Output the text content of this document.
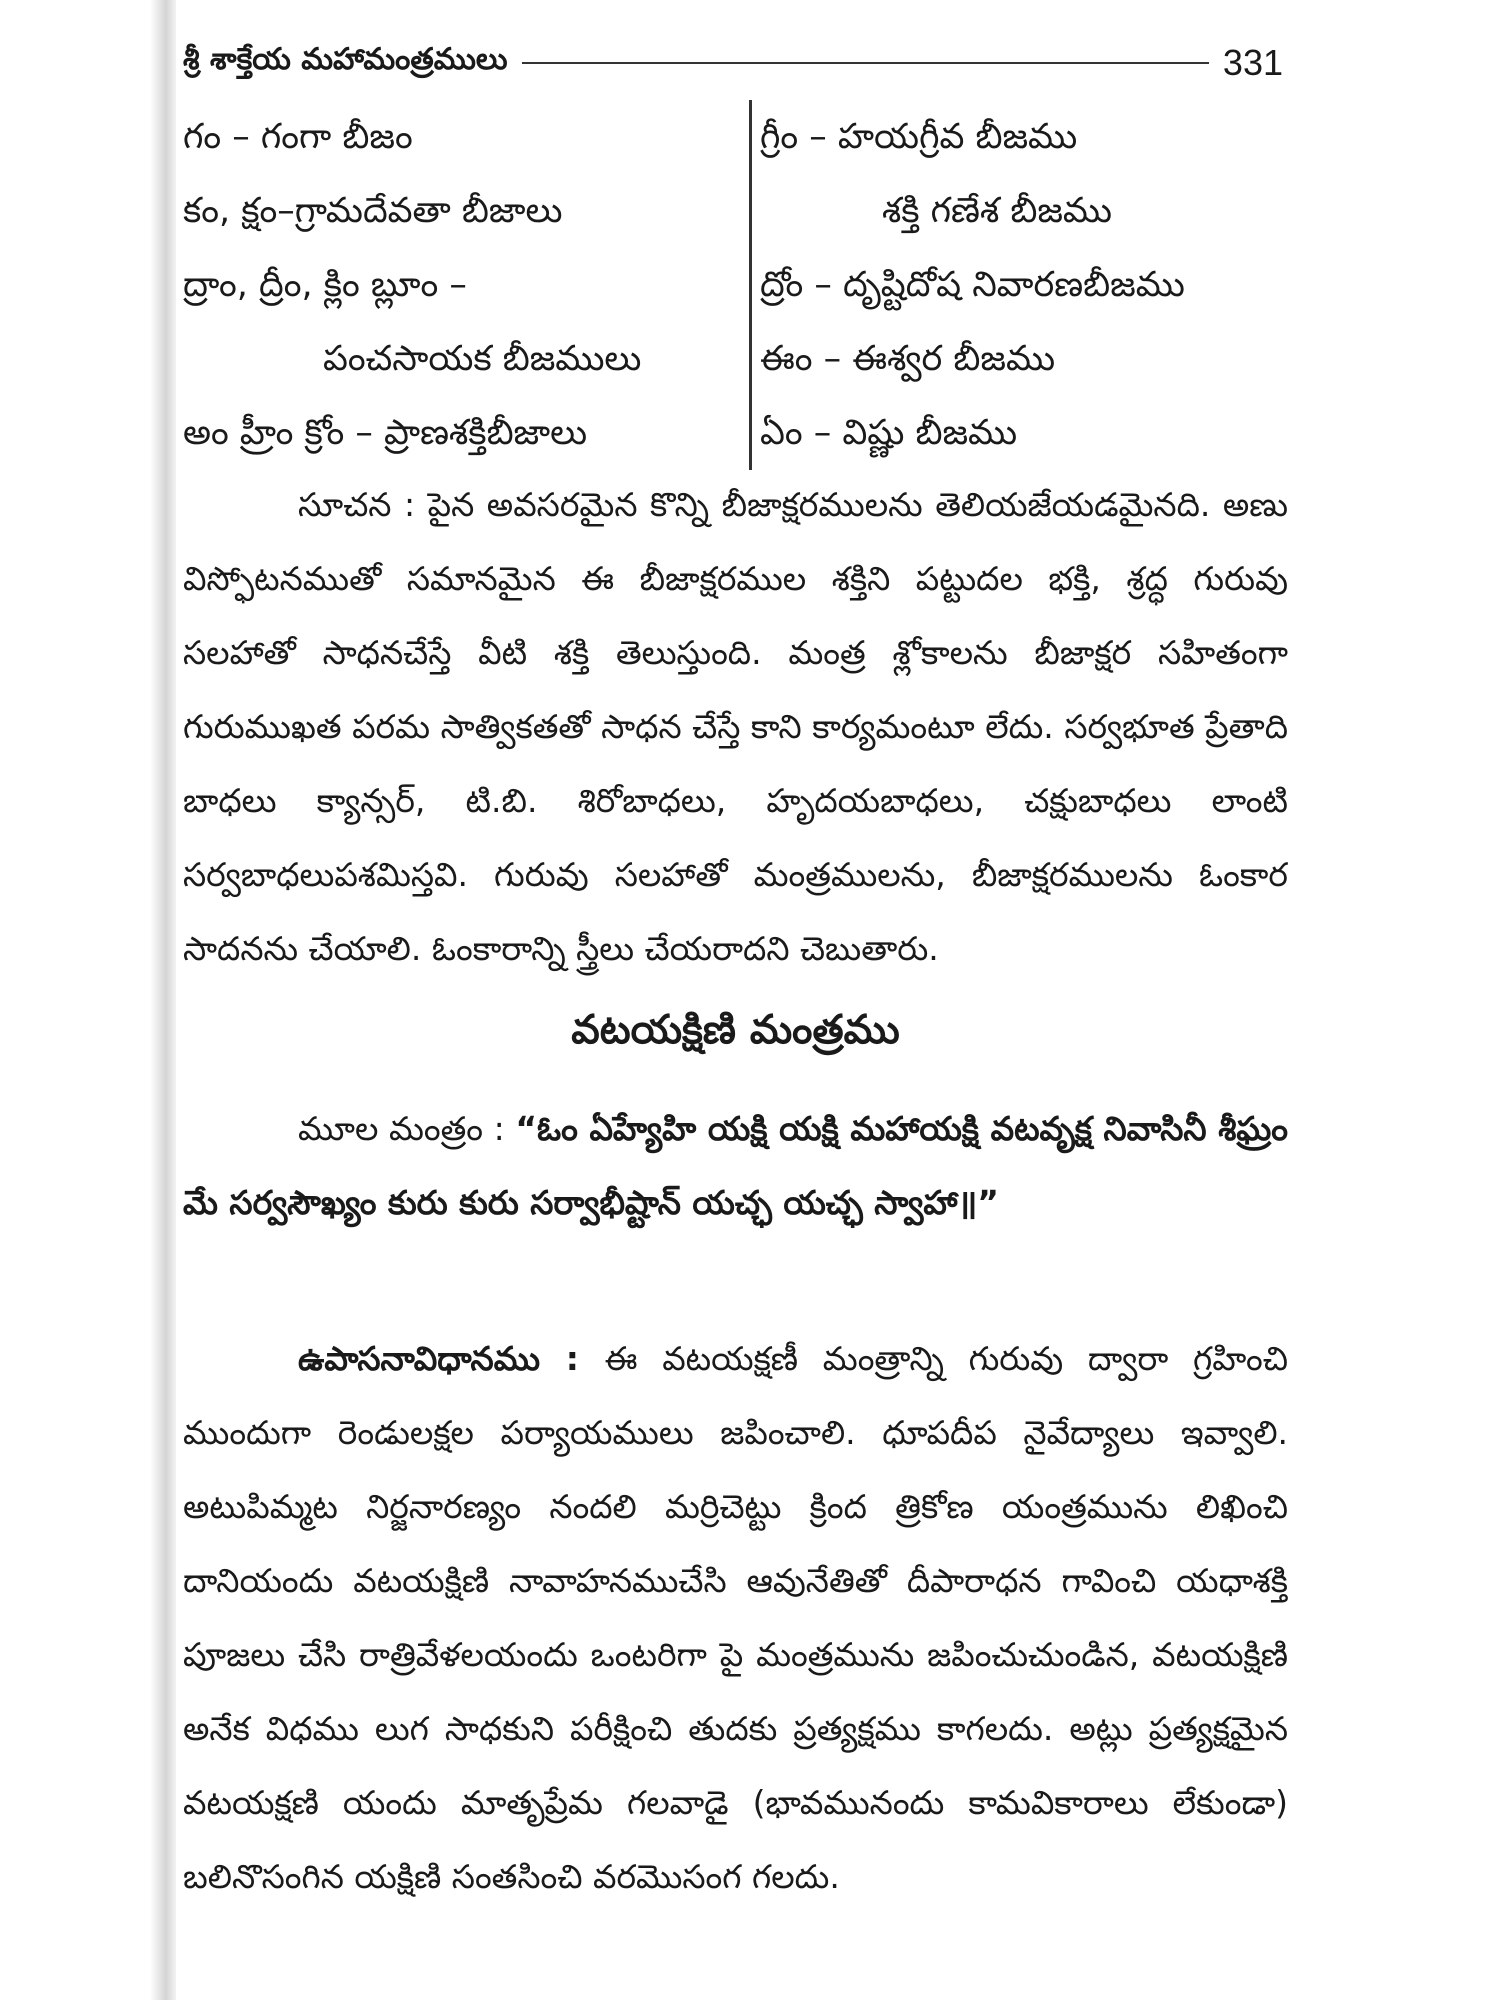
శ్రీ శాక్తేయ మహామంత్రములు	331
గం – గంగా బీజం
కం, క్షం–గ్రామదేవతా బీజాలు
ద్రాం, ద్రీం, క్లిం బ్లూం –
పంచసాయక బీజములు
అం హ్రీం క్రోం – ప్రాణశక్తిబీజాలు
గ్రీం – హయగ్రీవ బీజము
శక్తి గణేశ బీజము
ద్రోం – దృష్టిదోష నివారణబీజము
ఈం – ఈశ్వర బీజము
ఏం – విష్ణు బీజము

సూచన : పైన అవసరమైన కొన్ని బీజాక్షరములను తెలియజేయడమైనది. అణు విస్ఫోటనముతో సమానమైన ఈ బీజాక్షరముల శక్తిని పట్టుదల భక్తి, శ్రద్ధ గురువు సలహాతో సాధనచేస్తే వీటి శక్తి తెలుస్తుంది. మంత్ర శ్లోకాలను బీజాక్షర సహితంగా గురుముఖత పరమ సాత్వికతతో సాధన చేస్తే కాని కార్యమంటూ లేదు. సర్వభూత ప్రేతాది బాధలు క్యాన్సర్, టి.బి. శిరోబాధలు, హృదయబాధలు, చక్షుబాధలు లాంటి సర్వబాధలుపశమిస్తవి. గురువు సలహాతో మంత్రములను, బీజాక్షరములను ఓంకార సాదనను చేయాలి. ఓంకారాన్ని స్త్రీలు చేయరాదని చెబుతారు.

వటయక్షిణి మంత్రము

మూల మంత్రం : “ఓం ఏహ్యేహి యక్షి యక్షి మహాయక్షి వటవృక్ష నివాసినీ శీఘ్రం మే సర్వసౌఖ్యం కురు కురు సర్వాభీష్టాన్ యచ్ఛ యచ్ఛ స్వాహా॥”

ఉపాసనావిధానము : ఈ వటయక్షణీ మంత్రాన్ని గురువు ద్వారా గ్రహించి ముందుగా రెండులక్షల పర్యాయములు జపించాలి. ధూపదీప నైవేద్యాలు ఇవ్వాలి. అటుపిమ్మట నిర్జనారణ్యం నందలి మర్రిచెట్టు క్రింద త్రికోణ యంత్రమును లిఖించి దానియందు వటయక్షిణి నావాహనముచేసి ఆవునేతితో దీపారాధన గావించి యధాశక్తి పూజలు చేసి రాత్రివేళలయందు ఒంటరిగా పై మంత్రమును జపించుచుండిన, వటయక్షిణి అనేక విధము లుగ సాధకుని పరీక్షించి తుదకు ప్రత్యక్షము కాగలదు. అట్లు ప్రత్యక్షమైన వటయక్షణి యందు మాతృప్రేమ గలవాడై (భావమునందు కామవికారాలు లేకుండా) బలినొసంగిన యక్షిణి సంతసించి వరమొసంగ గలదు.
